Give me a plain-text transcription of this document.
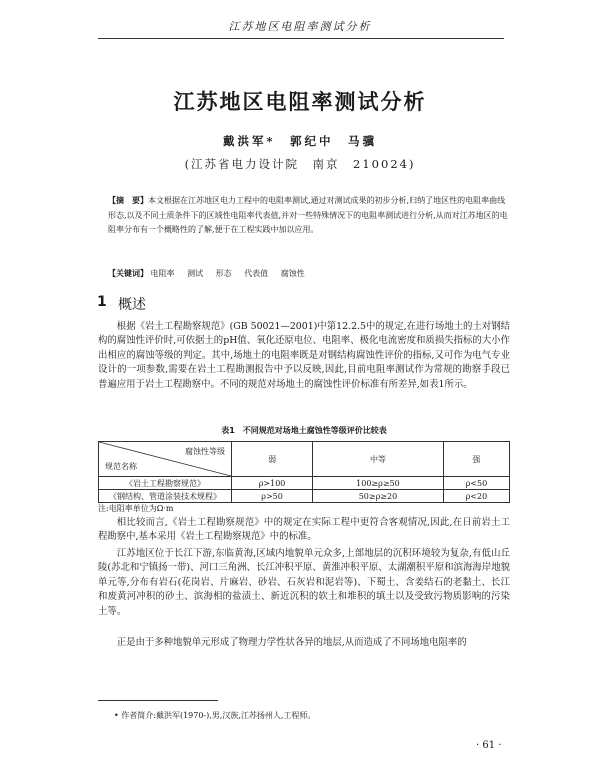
江苏地区电阻率测试分析
江苏地区电阻率测试分析
戴洪军*　郭纪中　马骥
(江苏省电力设计院　南京　210024)
【摘　要】本文根据在江苏地区电力工程中的电阻率测试,通过对测试成果的初步分析,归纳了地区性的电阻率曲线形态,以及不同土质条件下的区域性电阻率代表值,并对一些特殊情况下的电阻率测试进行分析,从而对江苏地区的电阻率分布有一个概略性的了解,便于在工程实践中加以应用。
【关键词】 电阻率 测试 形态 代表值 腐蚀性
1 概述
根据《岩土工程勘察规范》(GB 50021—2001)中第12.2.5中的规定,在进行场地土的土对钢结构的腐蚀性评价时,可依据土的pH值、氧化还原电位、电阻率、极化电流密度和质损失指标的大小作出相应的腐蚀等级的判定。其中,场地土的电阻率既是对钢结构腐蚀性评价的指标,又可作为电气专业设计的一项参数,需要在岩土工程勘测报告中予以反映,因此,目前电阻率测试作为常规的勘察手段已普遍应用于岩土工程勘察中。不同的规范对场地土的腐蚀性评价标准有所差异,如表1所示。
表1　不同规范对场地土腐蚀性等级评价比较表
腐蚀性等级
规范名称	弱	中等	强
《岩土工程勘察规范》	ρ>100	100≥ρ≥50	ρ<50
《钢结构、管道涂装技术规程》	ρ>50	50≥ρ≥20	ρ<20
注:电阻率单位为Ω·m
相比较而言,《岩土工程勘察规范》中的规定在实际工程中更符合客观情况,因此,在日前岩土工程勘察中,基本采用《岩土工程勘察规范》中的标准。
江苏地区位于长江下游,东临黄海,区域内地貌单元众多,上部地层的沉积环境较为复杂,有低山丘陵(苏北和宁镇扬一带)、河口三角洲、长江冲积平原、黄淮冲积平原、太湖潮积平原和滨海海岸地貌单元等,分布有岩石(花岗岩、片麻岩、砂岩、石灰岩和泥岩等)、下蜀土、含姜结石的老黏土、长江和废黄河冲积的砂土、滨海相的盐渍土、新近沉积的软土和堆积的填土以及受致污物质影响的污染土等。
正是由于多种地貌单元形成了物理力学性状各异的地层,从而造成了不同场地电阻率的
• 作者简介:戴洪军(1970-),男,汉族,江苏扬州人,工程师。
· 61 ·
